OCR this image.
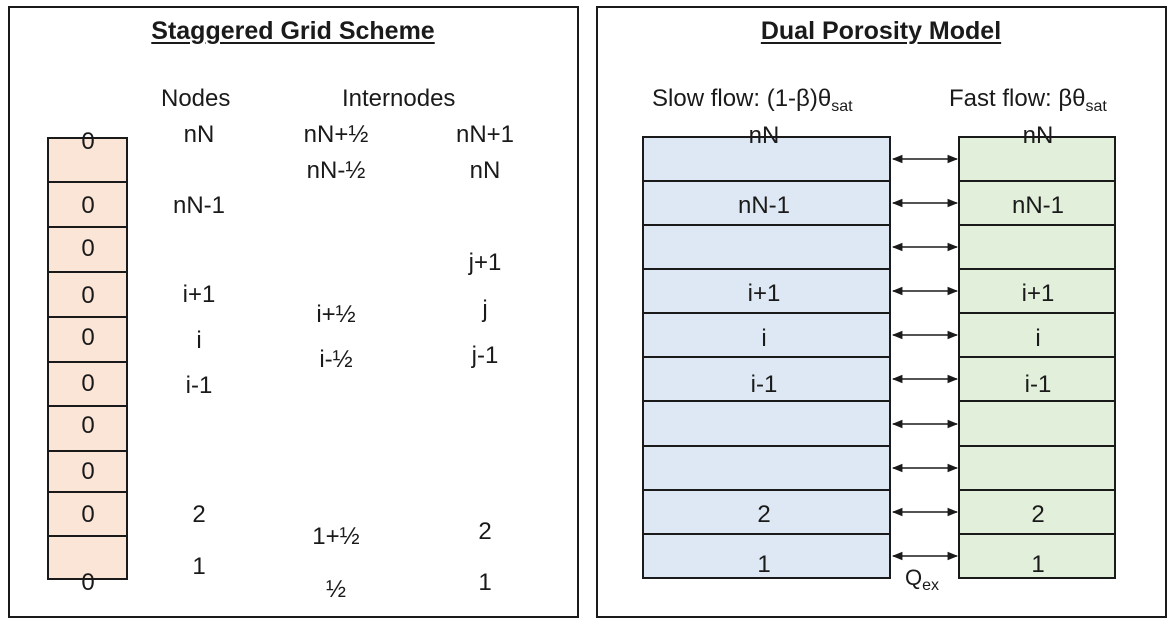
Staggered Grid Scheme
Nodes	Internodes
0
0
0
0
0
0
0
0
0
0
nN
nN-1
i+1
i
i-1
2
1
nN+½
nN-½
i+½
i-½
1+½
½
nN+1
nN
j+1
j
j-1
2
1
Dual Porosity Model
Slow flow: $(1-\beta)\theta_{sat}$	Fast flow: $\beta\theta_{sat}$
nN
nN-1
i+1
i
i-1
2
1
nN
nN-1
i+1
i
i-1
2
1
$Q_{ex}$
